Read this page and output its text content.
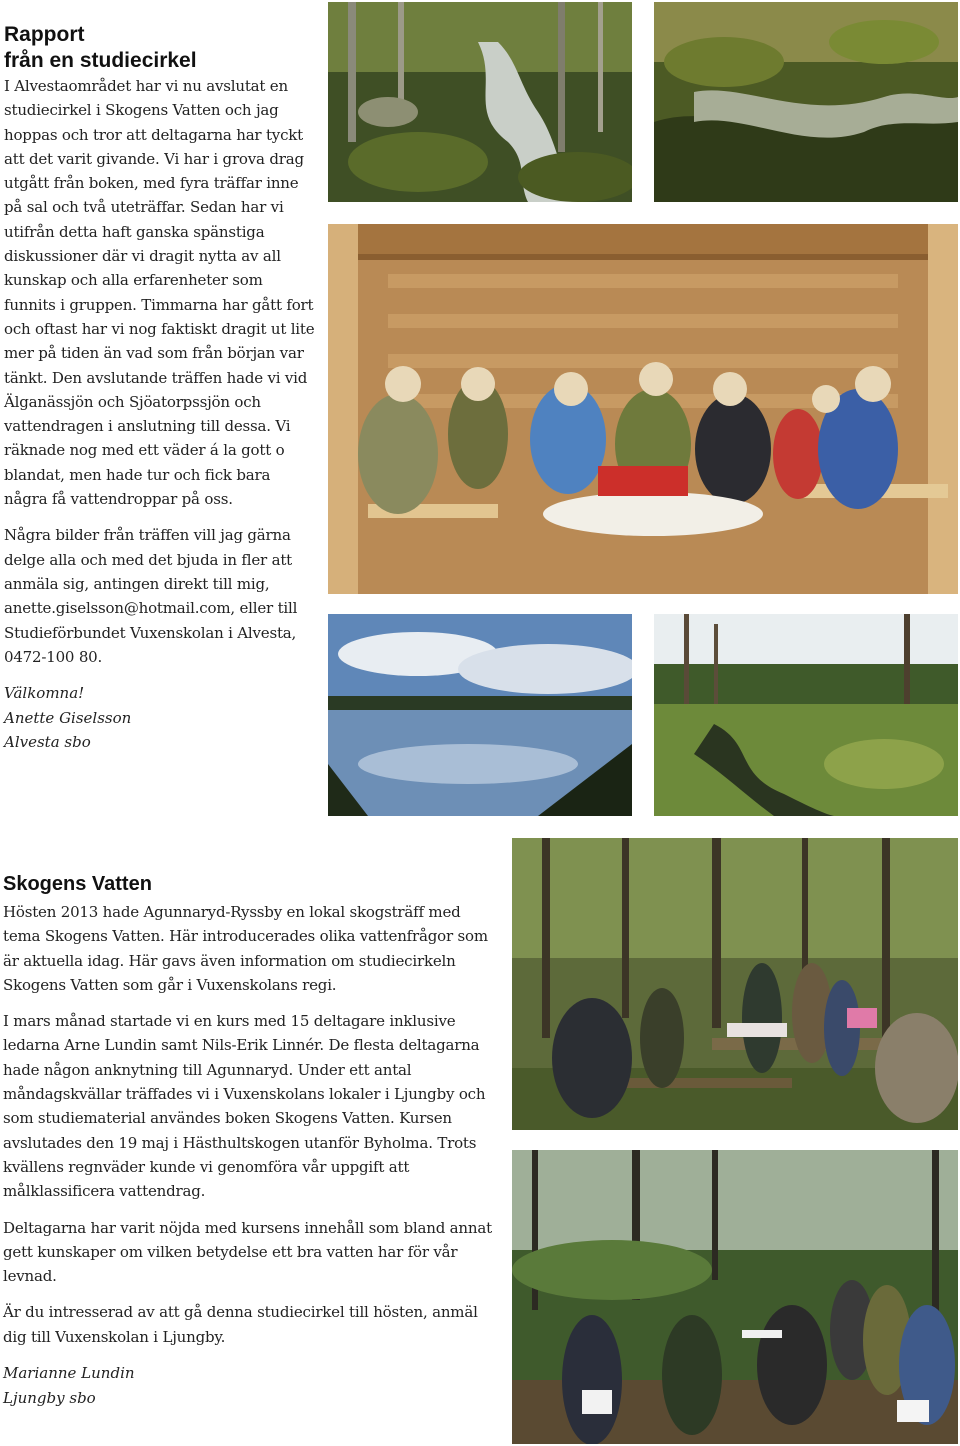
Rapport
från en studiecirkel

I Alvestaområdet har vi nu avslutat en studiecirkel i Skogens Vatten och jag hoppas och tror att deltagarna har tyckt att det varit givande. Vi har i grova drag utgått från boken, med fyra träffar inne på sal och två uteträffar. Sedan har vi utifrån detta haft ganska spänstiga diskussioner där vi dragit nytta av all kunskap och alla erfarenheter som funnits i gruppen. Timmarna har gått fort och oftast har vi nog faktiskt dragit ut lite mer på tiden än vad som från början var tänkt. Den avslutande träffen hade vi vid Älganässjön och Sjöatorpssjön och vattendragen i anslutning till dessa. Vi räknade nog med ett väder á la gott o blandat, men hade tur och fick bara några få vattendroppar på oss.

Några bilder från träffen vill jag gärna delge alla och med det bjuda in fler att anmäla sig, antingen direkt till mig, anette.giselsson@hotmail.com, eller till Studieförbundet Vuxenskolan i Alvesta, 0472-100 80.

Välkomna!
Anette Giselsson
Alvesta sbo
Skogens Vatten

Hösten 2013 hade Agunnaryd-Ryssby en lokal skogsträff med tema Skogens Vatten. Här introducerades olika vattenfrågor som är aktuella idag. Här gavs även information om studiecirkeln Skogens Vatten som går i Vuxenskolans regi.

I mars månad startade vi en kurs med 15 deltagare inklusive ledarna Arne Lundin samt Nils-Erik Linnér. De flesta deltagarna hade någon anknytning till Agunnaryd. Under ett antal måndagskvällar träffades vi i Vuxenskolans lokaler i Ljungby och som studiematerial användes boken Skogens Vatten. Kursen avslutades den 19 maj i Hästhultskogen utanför Byholma. Trots kvällens regnväder kunde vi genomföra vår uppgift att målklassificera vattendrag.

Deltagarna har varit nöjda med kursens innehåll som bland annat gett kunskaper om vilken betydelse ett bra vatten har för vår levnad.

Är du intresserad av att gå denna studiecirkel till hösten, anmäl dig till Vuxenskolan i Ljungby.

Marianne Lundin
Ljungby sbo
